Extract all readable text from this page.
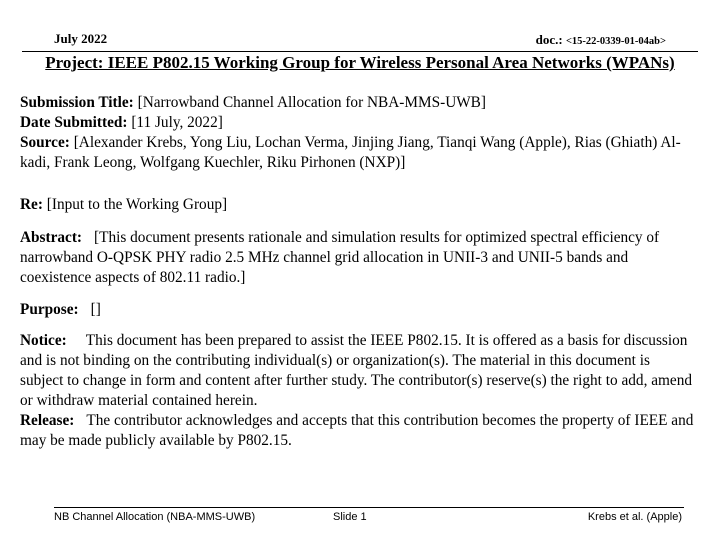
July 2022	doc.: <15-22-0339-01-04ab>
Project: IEEE P802.15 Working Group for Wireless Personal Area Networks (WPANs)

Submission Title: [Narrowband Channel Allocation for NBA-MMS-UWB]

Date Submitted: [11 July, 2022]

Source: [Alexander Krebs, Yong Liu, Lochan Verma, Jinjing Jiang, Tianqi Wang (Apple), Rias (Ghiath) Al-kadi, Frank Leong, Wolfgang Kuechler, Riku Pirhonen (NXP)]

Re: [Input to the Working Group]

Abstract: [This document presents rationale and simulation results for optimized spectral efficiency of narrowband O-QPSK PHY radio 2.5 MHz channel grid allocation in UNII-3 and UNII-5 bands and coexistence aspects of 802.11 radio.]

Purpose: []

Notice: This document has been prepared to assist the IEEE P802.15. It is offered as a basis for discussion and is not binding on the contributing individual(s) or organization(s). The material in this document is subject to change in form and content after further study. The contributor(s) reserve(s) the right to add, amend or withdraw material contained herein.

Release: The contributor acknowledges and accepts that this contribution becomes the property of IEEE and may be made publicly available by P802.15.

NB Channel Allocation (NBA-MMS-UWB)	Slide 1	Krebs et al. (Apple)
